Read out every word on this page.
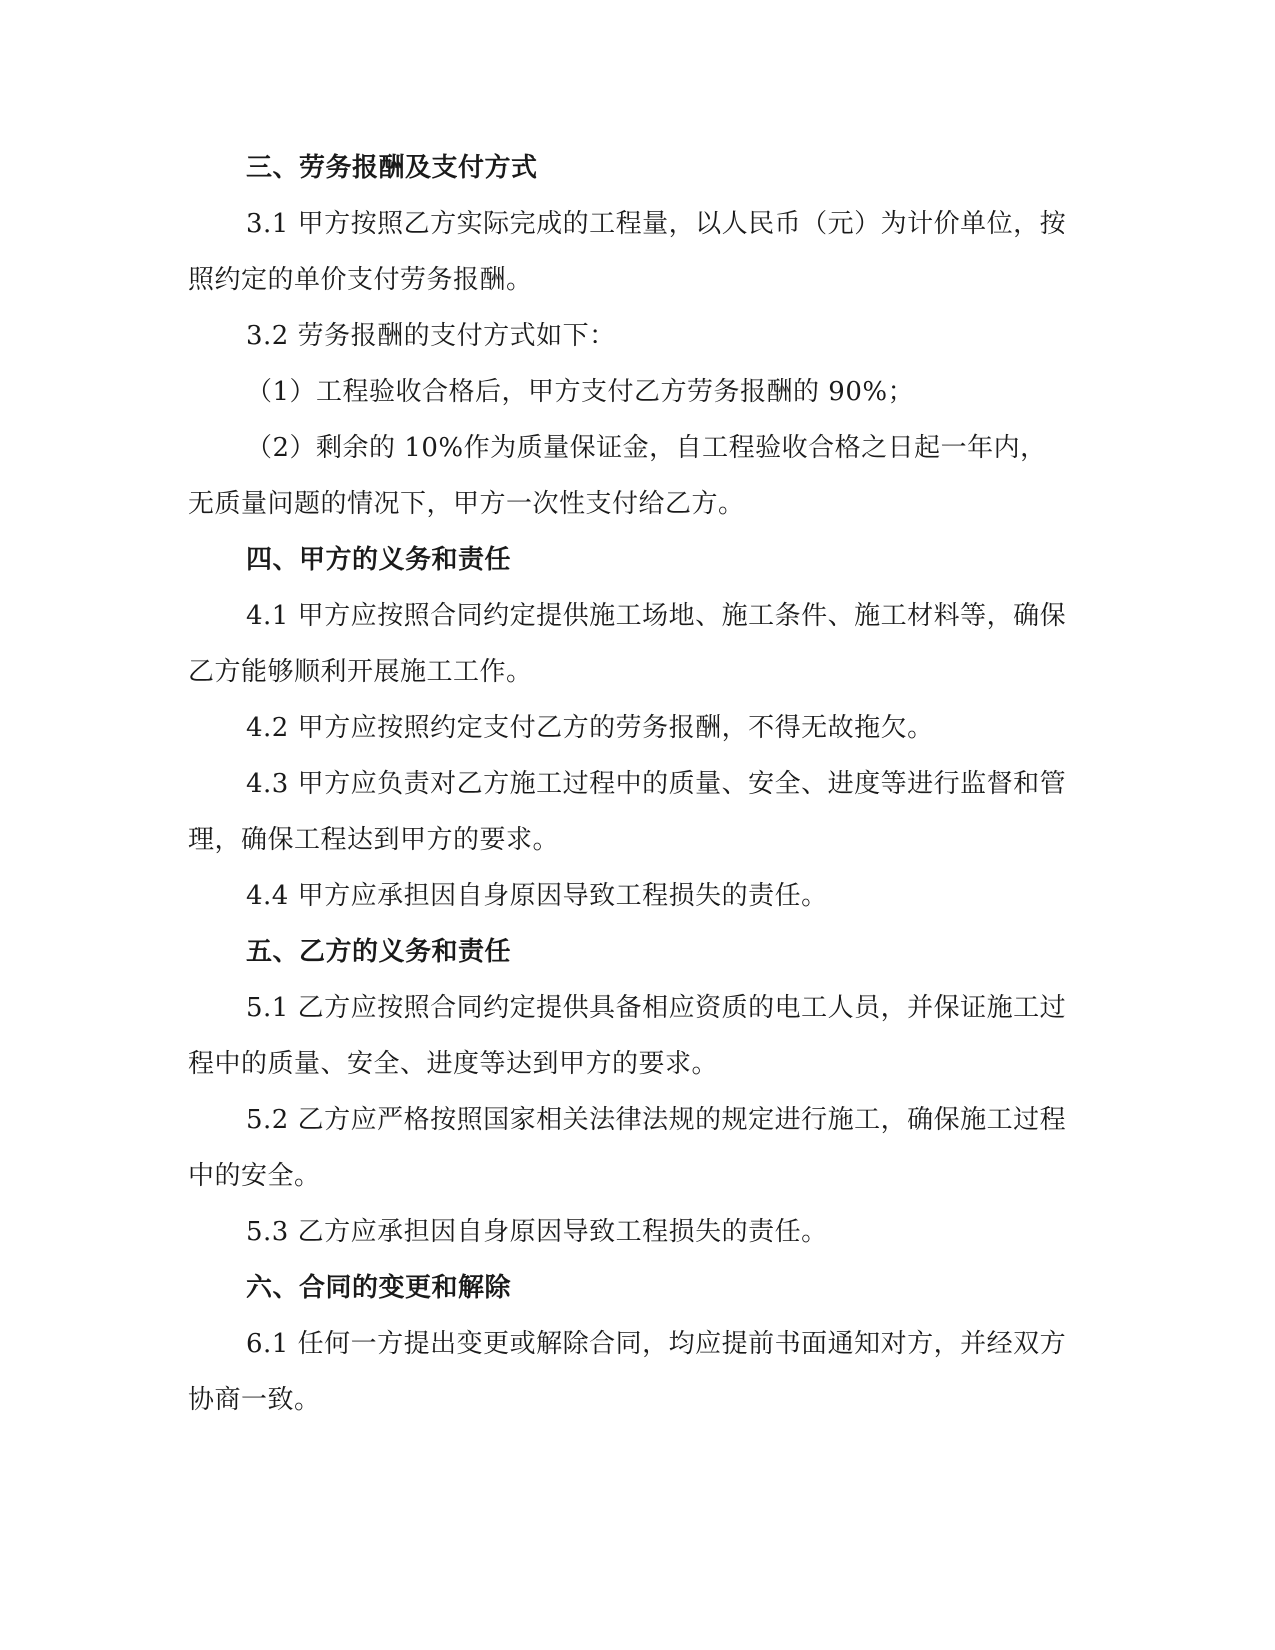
三、劳务报酬及支付方式

3.1 甲方按照乙方实际完成的工程量，以人民币（元）为计价单位，按照约定的单价支付劳务报酬。

3.2 劳务报酬的支付方式如下：

（1）工程验收合格后，甲方支付乙方劳务报酬的 90%；

（2）剩余的 10%作为质量保证金，自工程验收合格之日起一年内，无质量问题的情况下，甲方一次性支付给乙方。

四、甲方的义务和责任

4.1 甲方应按照合同约定提供施工场地、施工条件、施工材料等，确保乙方能够顺利开展施工工作。

4.2 甲方应按照约定支付乙方的劳务报酬，不得无故拖欠。

4.3 甲方应负责对乙方施工过程中的质量、安全、进度等进行监督和管理，确保工程达到甲方的要求。

4.4 甲方应承担因自身原因导致工程损失的责任。

五、乙方的义务和责任

5.1 乙方应按照合同约定提供具备相应资质的电工人员，并保证施工过程中的质量、安全、进度等达到甲方的要求。

5.2 乙方应严格按照国家相关法律法规的规定进行施工，确保施工过程中的安全。

5.3 乙方应承担因自身原因导致工程损失的责任。

六、合同的变更和解除

6.1 任何一方提出变更或解除合同，均应提前书面通知对方，并经双方协商一致。
